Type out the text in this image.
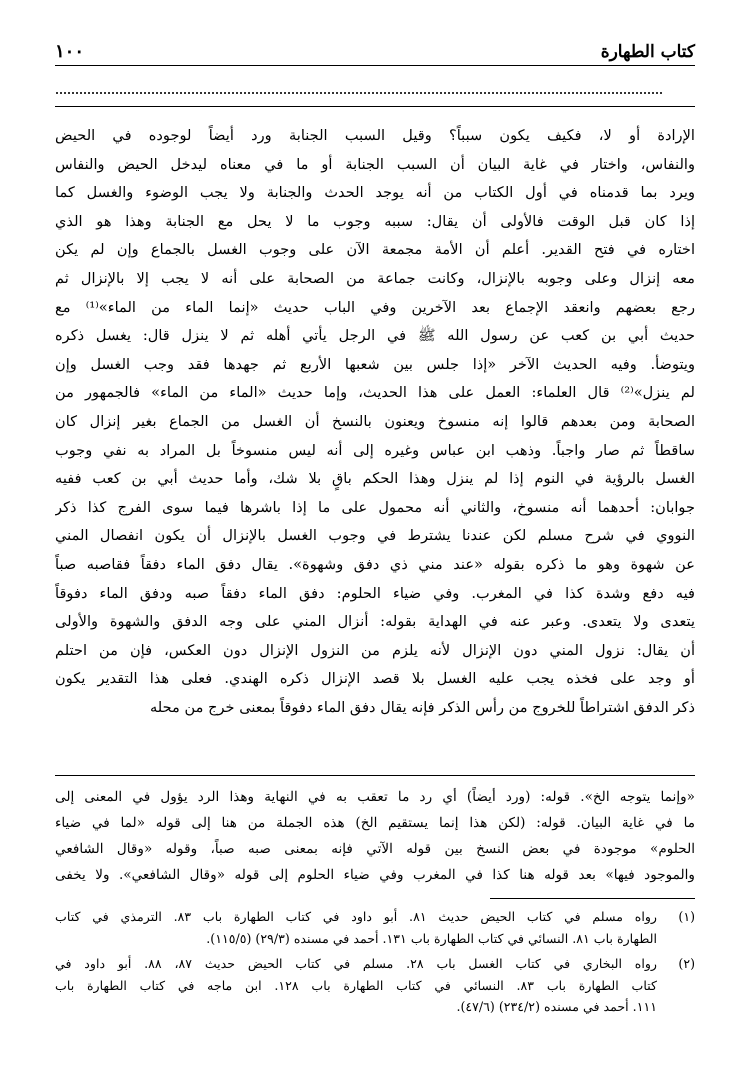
كتاب الطهارة
١٠٠
الإرادة أو لا، فكيف يكون سبباً؟ وقيل السبب الجنابة ورد أيضاً لوجوده في الحيض
والنفاس، واختار في غاية البيان أن السبب الجنابة أو ما في معناه ليدخل الحيض والنفاس
ويرد بما قدمناه في أول الكتاب من أنه يوجد الحدث والجنابة ولا يجب الوضوء والغسل كما
إذا كان قبل الوقت فالأولى أن يقال: سببه وجوب ما لا يحل مع الجنابة وهذا هو الذي
اختاره في فتح القدير. أعلم أن الأمة مجمعة الآن على وجوب الغسل بالجماع وإن لم يكن
معه إنزال وعلى وجوبه بالإنزال، وكانت جماعة من الصحابة على أنه لا يجب إلا بالإنزال ثم
رجع بعضهم وانعقد الإجماع بعد الآخرين وفي الباب حديث «إنما الماء من الماء»⁽¹⁾ مع
حديث أبي بن كعب عن رسول الله ﷺ في الرجل يأتي أهله ثم لا ينزل قال: يغسل ذكره
ويتوضأ. وفيه الحديث الآخر «إذا جلس بين شعبها الأربع ثم جهدها فقد وجب الغسل وإن
لم ينزل»⁽²⁾ قال العلماء: العمل على هذا الحديث، وإما حديث «الماء من الماء» فالجمهور من
الصحابة ومن بعدهم قالوا إنه منسوخ ويعنون بالنسخ أن الغسل من الجماع بغير إنزال كان
ساقطاً ثم صار واجباً. وذهب ابن عباس وغيره إلى أنه ليس منسوخاً بل المراد به نفي وجوب
الغسل بالرؤية في النوم إذا لم ينزل وهذا الحكم باقٍ بلا شك، وأما حديث أبي بن كعب ففيه
جوابان: أحدهما أنه منسوخ، والثاني أنه محمول على ما إذا باشرها فيما سوى الفرج كذا ذكر
النووي في شرح مسلم لكن عندنا يشترط في وجوب الغسل بالإنزال أن يكون انفصال المني
عن شهوة وهو ما ذكره بقوله «عند مني ذي دفق وشهوة». يقال دفق الماء دفقاً فقاصبه صباً
فيه دفع وشدة كذا في المغرب. وفي ضياء الحلوم: دفق الماء دفقاً صبه ودفق الماء دفوقاً
يتعدى ولا يتعدى. وعبر عنه في الهداية بقوله: أنزال المني على وجه الدفق والشهوة والأولى
أن يقال: نزول المني دون الإنزال لأنه يلزم من النزول الإنزال دون العكس، فإن من احتلم
أو وجد على فخذه يجب عليه الغسل بلا قصد الإنزال ذكره الهندي. فعلى هذا التقدير يكون
ذكر الدفق اشتراطاً للخروج من رأس الذكر فإنه يقال دفق الماء دفوقاً بمعنى خرج من محله
«وإنما يتوجه الخ». قوله: (ورد أيضاً) أي رد ما تعقب به في النهاية وهذا الرد يؤول في المعنى إلى
ما في غاية البيان. قوله: (لكن هذا إنما يستقيم الخ) هذه الجملة من هنا إلى قوله «لما في ضياء
الحلوم» موجودة في بعض النسخ بين قوله الآتي فإنه بمعنى صبه صباً، وقوله «وقال الشافعي
والموجود فيها» بعد قوله هنا كذا في المغرب وفي ضياء الحلوم إلى قوله «وقال الشافعي». ولا يخفى
(١)
رواه مسلم في كتاب الحيض حديث ٨١. أبو داود في كتاب الطهارة باب ٨٣. الترمذي في كتاب
الطهارة باب ٨١. النسائي في كتاب الطهارة باب ١٣١. أحمد في مسنده (٢٩/٣) (١١٥/٥).
(٢)
رواه البخاري في كتاب الغسل باب ٢٨. مسلم في كتاب الحيض حديث ٨٧، ٨٨. أبو داود في
كتاب الطهارة باب ٨٣. النسائي في كتاب الطهارة باب ١٢٨. ابن ماجه في كتاب الطهارة باب
١١١. أحمد في مسنده (٢٣٤/٢) (٤٧/٦).
